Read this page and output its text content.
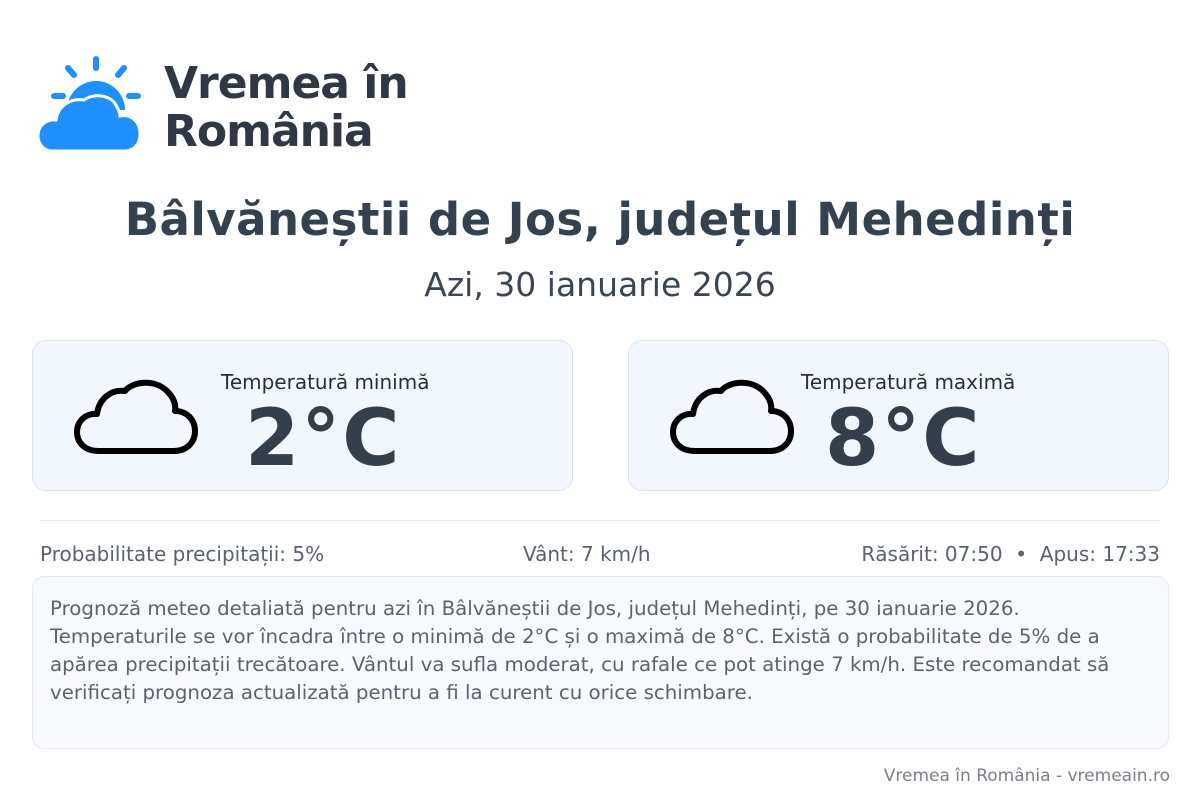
Vremea în
România
Bâlvăneștii de Jos, județul Mehedinți
Azi, 30 ianuarie 2026
Temperatură minimă
2°C
Temperatură maximă
8°C
Probabilitate precipitații: 5%	Vânt: 7 km/h	Răsărit: 07:50  •  Apus: 17:33
Prognoză meteo detaliată pentru azi în Bâlvăneștii de Jos, județul Mehedinți, pe 30 ianuarie 2026. Temperaturile se vor încadra între o minimă de 2°C și o maximă de 8°C. Există o probabilitate de 5% de a apărea precipitații trecătoare. Vântul va sufla moderat, cu rafale ce pot atinge 7 km/h. Este recomandat să verificați prognoza actualizată pentru a fi la curent cu orice schimbare.
Vremea în România - vremeain.ro
